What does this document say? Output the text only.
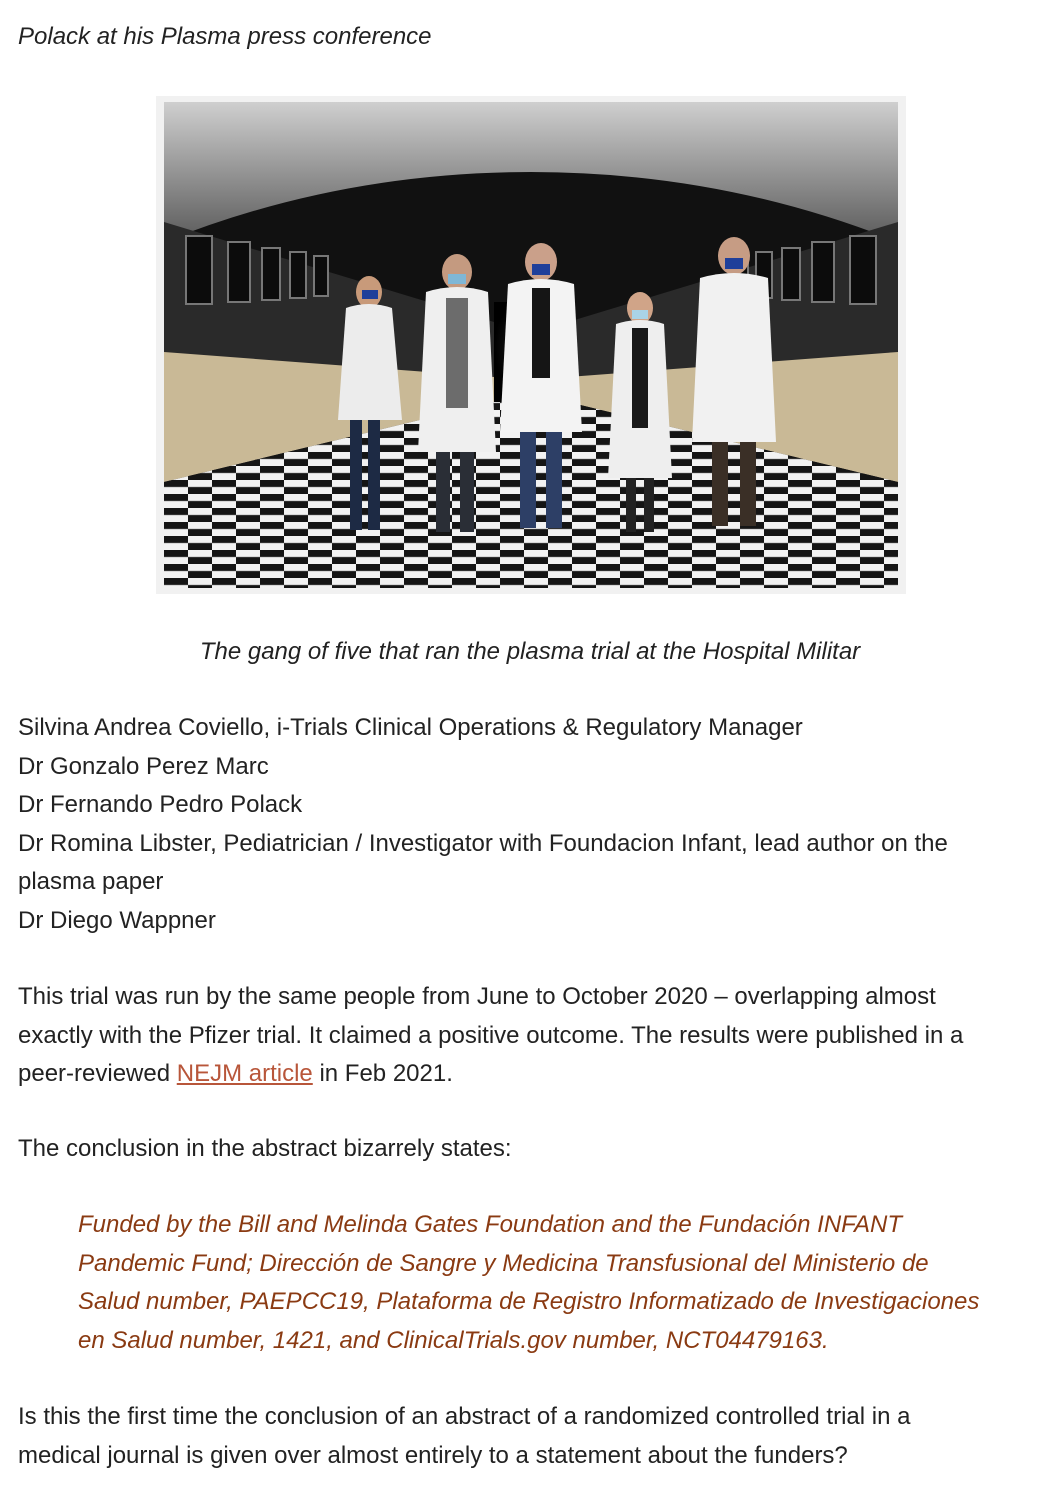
Polack at his Plasma press conference

The gang of five that ran the plasma trial at the Hospital Militar
Silvina Andrea Coviello, i-Trials Clinical Operations & Regulatory Manager
Dr Gonzalo Perez Marc
Dr Fernando Pedro Polack
Dr Romina Libster, Pediatrician / Investigator with Foundacion Infant, lead author on the
plasma paper
Dr Diego Wappner
This trial was run by the same people from June to October 2020 – overlapping almost
exactly with the Pfizer trial. It claimed a positive outcome. The results were published in a
peer-reviewed NEJM article in Feb 2021.
The conclusion in the abstract bizarrely states:
Funded by the Bill and Melinda Gates Foundation and the Fundación INFANT
Pandemic Fund; Dirección de Sangre y Medicina Transfusional del Ministerio de
Salud number, PAEPCC19, Plataforma de Registro Informatizado de Investigaciones
en Salud number, 1421, and ClinicalTrials.gov number, NCT04479163.
Is this the first time the conclusion of an abstract of a randomized controlled trial in a
medical journal is given over almost entirely to a statement about the funders?
